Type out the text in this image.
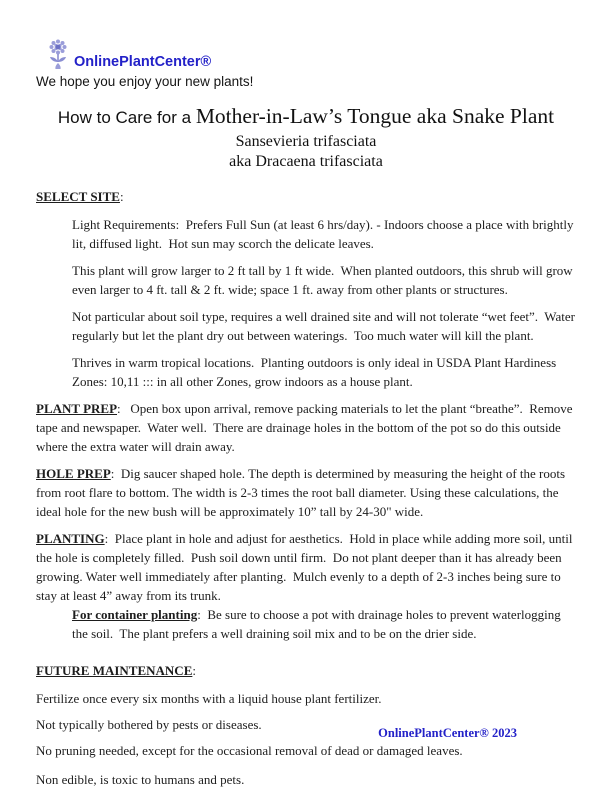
OnlinePlantCenter®
We hope you enjoy your new plants!
How to Care for a Mother-in-Law’s Tongue aka Snake Plant
Sansevieria trifasciata
aka Dracaena trifasciata

SELECT SITE:

Light Requirements:  Prefers Full Sun (at least 6 hrs/day). - Indoors choose a place with brightly lit, diffused light.  Hot sun may scorch the delicate leaves.

This plant will grow larger to 2 ft tall by 1 ft wide.  When planted outdoors, this shrub will grow even larger to 4 ft. tall & 2 ft. wide; space 1 ft. away from other plants or structures.

Not particular about soil type, requires a well drained site and will not tolerate “wet feet”.  Water regularly but let the plant dry out between waterings.  Too much water will kill the plant.

Thrives in warm tropical locations.  Planting outdoors is only ideal in USDA Plant Hardiness Zones: 10,11 ::: in all other Zones, grow indoors as a house plant.

PLANT PREP:   Open box upon arrival, remove packing materials to let the plant “breathe”.  Remove tape and newspaper.  Water well.  There are drainage holes in the bottom of the pot so do this outside where the extra water will drain away.

HOLE PREP:  Dig saucer shaped hole. The depth is determined by measuring the height of the roots from root flare to bottom. The width is 2-3 times the root ball diameter. Using these calculations, the ideal hole for the new bush will be approximately 10” tall by 24-30" wide.

PLANTING:  Place plant in hole and adjust for aesthetics.  Hold in place while adding more soil, until the hole is completely filled.  Push soil down until firm.  Do not plant deeper than it has already been growing. Water well immediately after planting.  Mulch evenly to a depth of 2-3 inches being sure to stay at least 4” away from its trunk.

For container planting:  Be sure to choose a pot with drainage holes to prevent waterlogging the soil.  The plant prefers a well draining soil mix and to be on the drier side.

FUTURE MAINTENANCE:

Fertilize once every six months with a liquid house plant fertilizer.

Not typically bothered by pests or diseases.

No pruning needed, except for the occasional removal of dead or damaged leaves.

Non edible, is toxic to humans and pets.

OnlinePlantCenter® 2023
